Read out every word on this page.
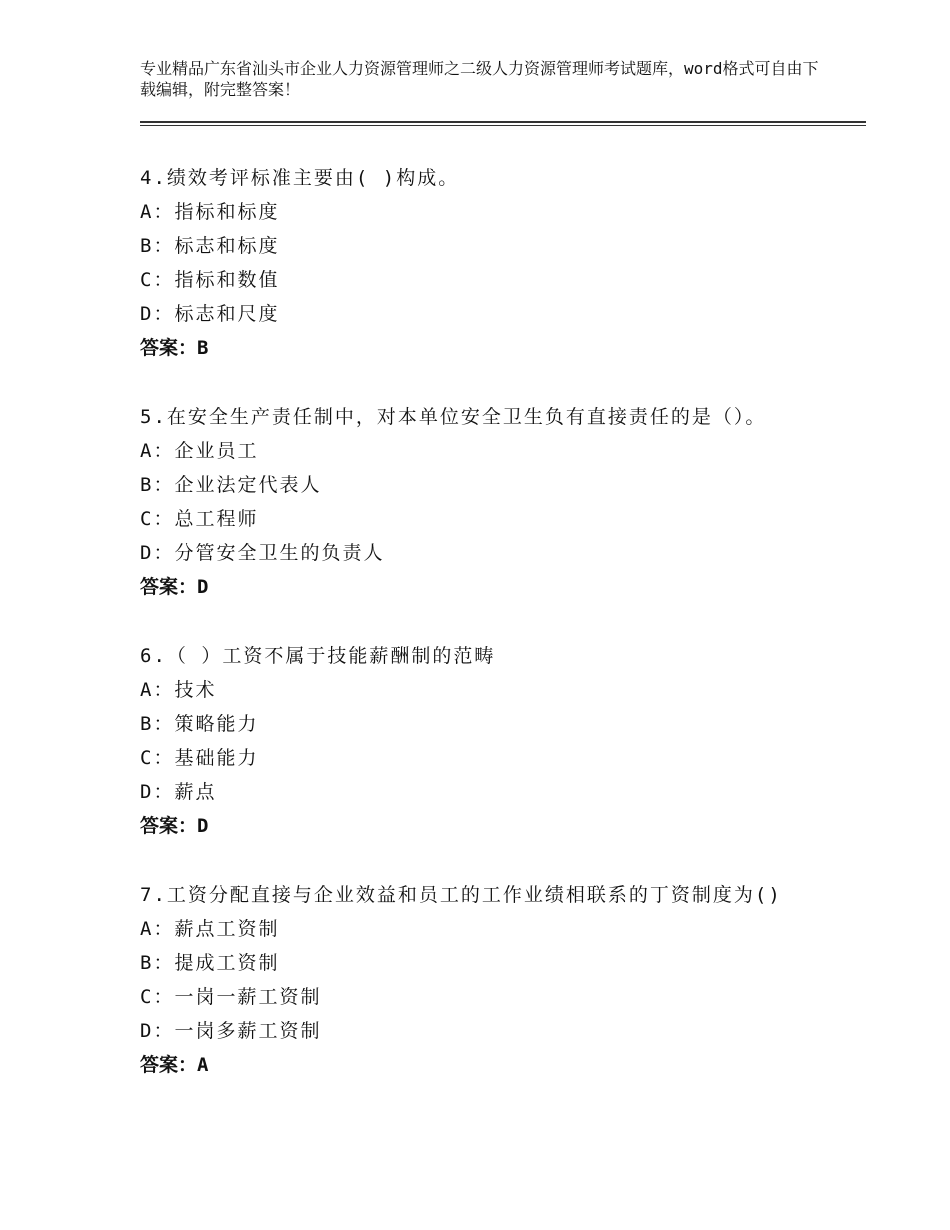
专业精品广东省汕头市企业人力资源管理师之二级人力资源管理师考试题库，word格式可自由下载编辑，附完整答案！
4.绩效考评标准主要由( )构成。
A：指标和标度
B：标志和标度
C：指标和数值
D：标志和尺度
答案：B
5.在安全生产责任制中，对本单位安全卫生负有直接责任的是（）。
A：企业员工
B：企业法定代表人
C：总工程师
D：分管安全卫生的负责人
答案：D
6.（ ）工资不属于技能薪酬制的范畴
A：技术
B：策略能力
C：基础能力
D：薪点
答案：D
7.工资分配直接与企业效益和员工的工作业绩相联系的丁资制度为()
A：薪点工资制
B：提成工资制
C：一岗一薪工资制
D：一岗多薪工资制
答案：A
